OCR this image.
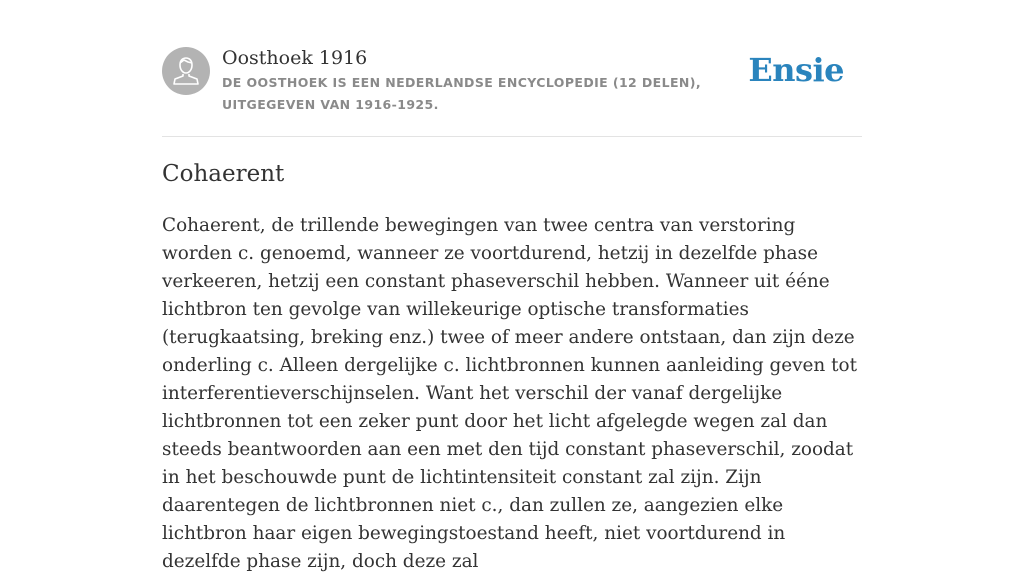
Oosthoek 1916
DE OOSTHOEK IS EEN NEDERLANDSE ENCYCLOPEDIE (12 DELEN), UITGEGEVEN VAN 1916-1925.
Ensie
Cohaerent

Cohaerent, de trillende bewegingen van twee centra van verstoring worden c. genoemd, wanneer ze voortdurend, hetzij in dezelfde phase verkeeren, hetzij een constant phaseverschil hebben. Wanneer uit ééne lichtbron ten gevolge van willekeurige optische transformaties (terugkaatsing, breking enz.) twee of meer andere ontstaan, dan zijn deze onderling c. Alleen dergelijke c. lichtbronnen kunnen aanleiding geven tot interferentieverschijnselen. Want het verschil der vanaf dergelijke lichtbronnen tot een zeker punt door het licht afgelegde wegen zal dan steeds beantwoorden aan een met den tijd constant phaseverschil, zoodat in het beschouwde punt de lichtintensiteit constant zal zijn. Zijn daarentegen de lichtbronnen niet c., dan zullen ze, aangezien elke lichtbron haar eigen bewegingstoestand heeft, niet voortdurend in dezelfde phase zijn, doch deze zal
